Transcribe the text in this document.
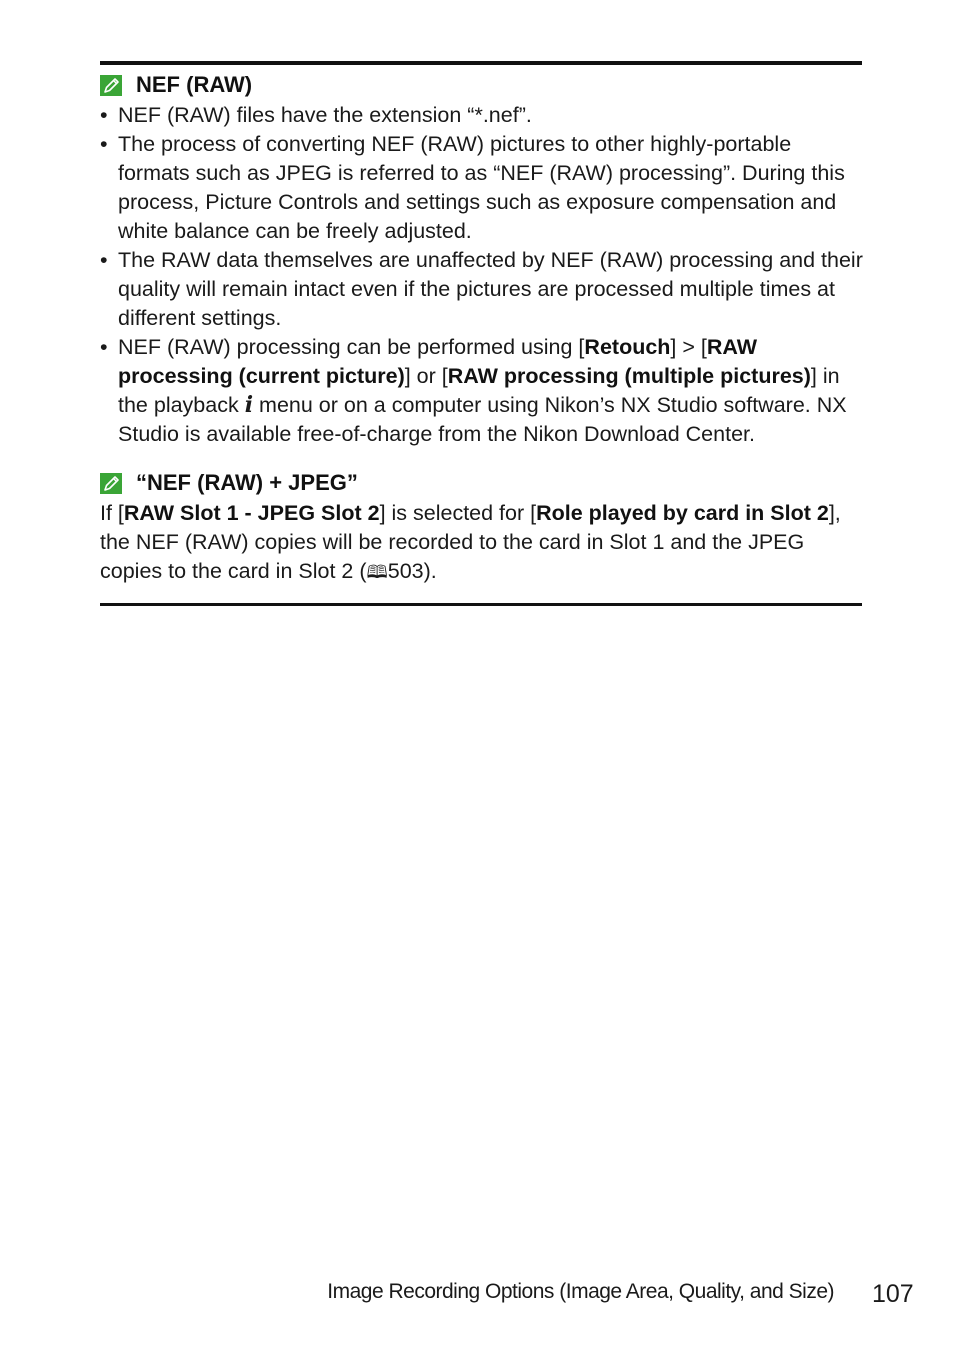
NEF (RAW)
• NEF (RAW) files have the extension “*.nef”.
• The process of converting NEF (RAW) pictures to other highly-portable formats such as JPEG is referred to as “NEF (RAW) processing”. During this process, Picture Controls and settings such as exposure compensation and white balance can be freely adjusted.
• The RAW data themselves are unaffected by NEF (RAW) processing and their quality will remain intact even if the pictures are processed multiple times at different settings.
• NEF (RAW) processing can be performed using [Retouch] > [RAW processing (current picture)] or [RAW processing (multiple pictures)] in the playback i menu or on a computer using Nikon’s NX Studio software. NX Studio is available free-of-charge from the Nikon Download Center.
“NEF (RAW) + JPEG”
If [RAW Slot 1 - JPEG Slot 2] is selected for [Role played by card in Slot 2], the NEF (RAW) copies will be recorded to the card in Slot 1 and the JPEG copies to the card in Slot 2 (🕮503).
Image Recording Options (Image Area, Quality, and Size) 107
